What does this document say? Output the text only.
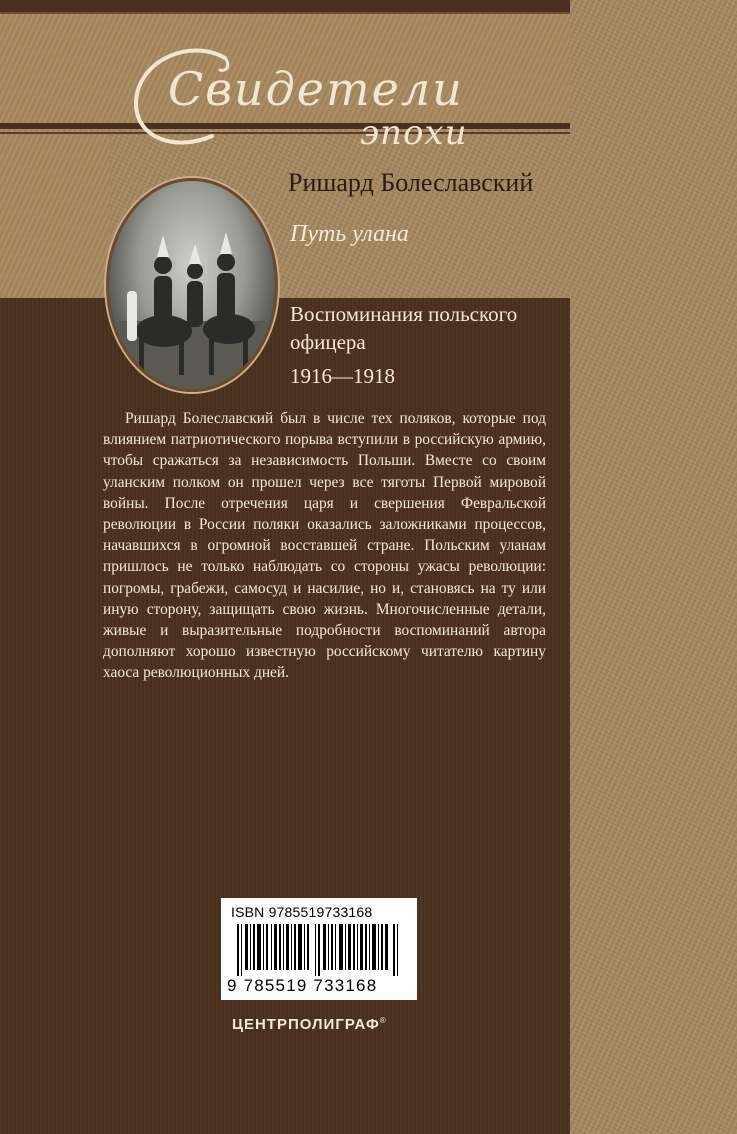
Свидетели
эпохи
Ришард Болеславский
Путь улана
Воспоминания польского офицера
1916—1918

Ришард Болеславский был в числе тех поляков, которые под влиянием патриотического порыва вступили в российскую армию, чтобы сражаться за независимость Польши. Вместе со своим уланским полком он прошел через все тяготы Первой мировой войны. После отречения царя и свершения Февральской революции в России поляки оказались заложниками процессов, начавшихся в огромной восставшей стране. Польским уланам пришлось не только наблюдать со стороны ужасы революции: погромы, грабежи, самосуд и насилие, но и, становясь на ту или иную сторону, защищать свою жизнь. Многочисленные детали, живые и выразительные подробности воспоминаний автора дополняют хорошо известную российскому читателю картину хаоса революционных дней.

ISBN 9785519733168
9 785519 733168
ЦЕНТРПОЛИГРАФ®
